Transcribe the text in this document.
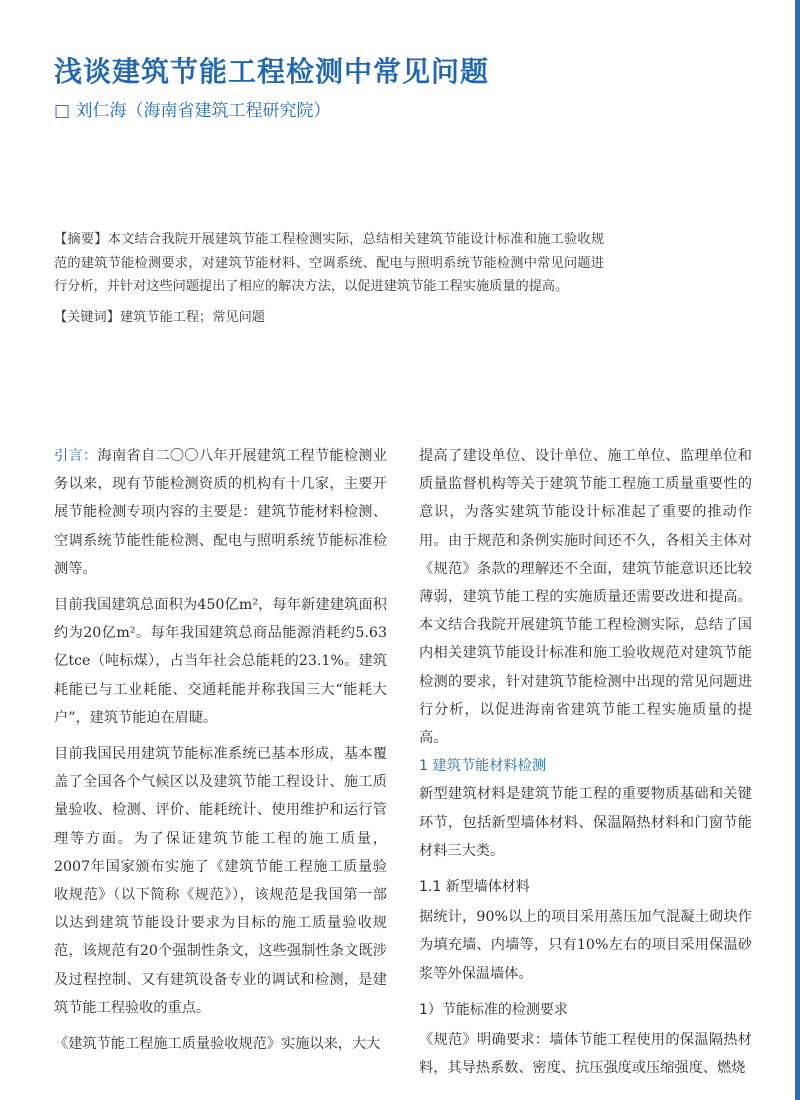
浅谈建筑节能工程检测中常见问题
□ 刘仁海（海南省建筑工程研究院）

【摘要】本文结合我院开展建筑节能工程检测实际，总结相关建筑节能设计标准和施工验收规范的建筑节能检测要求，对建筑节能材料、空调系统、配电与照明系统节能检测中常见问题进行分析，并针对这些问题提出了相应的解决方法，以促进建筑节能工程实施质量的提高。

【关键词】建筑节能工程；常见问题

引言：海南省自二〇〇八年开展建筑工程节能检测业务以来，现有节能检测资质的机构有十几家，主要开展节能检测专项内容的主要是：建筑节能材料检测、空调系统节能性能检测、配电与照明系统节能标准检测等。

目前我国建筑总面积为450亿m²，每年新建建筑面积约为20亿m²。每年我国建筑总商品能源消耗约5.63亿tce（吨标煤），占当年社会总能耗的23.1%。建筑耗能已与工业耗能、交通耗能并称我国三大“能耗大户”，建筑节能迫在眉睫。

目前我国民用建筑节能标准系统已基本形成，基本覆盖了全国各个气候区以及建筑节能工程设计、施工质量验收、检测、评价、能耗统计、使用维护和运行管理等方面。为了保证建筑节能工程的施工质量，2007年国家颁布实施了《建筑节能工程施工质量验收规范》（以下简称《规范》），该规范是我国第一部以达到建筑节能设计要求为目标的施工质量验收规范，该规范有20个强制性条文，这些强制性条文既涉及过程控制、又有建筑设备专业的调试和检测，是建筑节能工程验收的重点。

《建筑节能工程施工质量验收规范》实施以来，大大

提高了建设单位、设计单位、施工单位、监理单位和质量监督机构等关于建筑节能工程施工质量重要性的意识，为落实建筑节能设计标准起了重要的推动作用。由于规范和条例实施时间还不久，各相关主体对《规范》条款的理解还不全面，建筑节能意识还比较薄弱，建筑节能工程的实施质量还需要改进和提高。本文结合我院开展建筑节能工程检测实际，总结了国内相关建筑节能设计标准和施工验收规范对建筑节能检测的要求，针对建筑节能检测中出现的常见问题进行分析，以促进海南省建筑节能工程实施质量的提高。

1 建筑节能材料检测

新型建筑材料是建筑节能工程的重要物质基础和关键环节，包括新型墙体材料、保温隔热材料和门窗节能材料三大类。

1.1 新型墙体材料

据统计，90%以上的项目采用蒸压加气混凝土砌块作为填充墙、内墙等，只有10%左右的项目采用保温砂浆等外保温墙体。

1）节能标准的检测要求

《规范》明确要求：墙体节能工程使用的保温隔热材料，其导热系数、密度、抗压强度或压缩强度、燃烧
